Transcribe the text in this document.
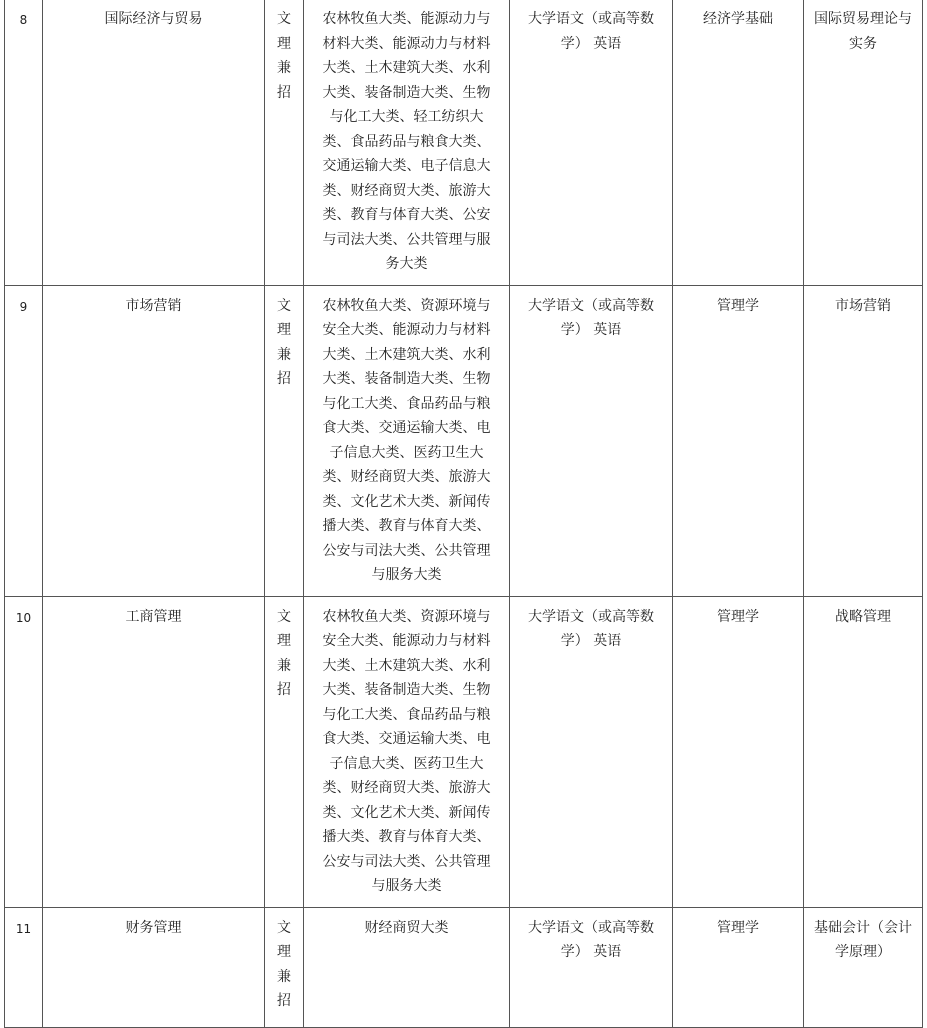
8	国际经济与贸易	文理兼招	农林牧鱼大类、能源动力与材料大类、能源动力与材料大类、土木建筑大类、水利大类、装备制造大类、生物与化工大类、轻工纺织大类、食品药品与粮食大类、交通运输大类、电子信息大类、财经商贸大类、旅游大类、教育与体育大类、公安与司法大类、公共管理与服务大类	大学语文（或高等数学） 英语	经济学基础	国际贸易理论与实务
9	市场营销	文理兼招	农林牧鱼大类、资源环境与安全大类、能源动力与材料大类、土木建筑大类、水利大类、装备制造大类、生物与化工大类、食品药品与粮食大类、交通运输大类、电子信息大类、医药卫生大类、财经商贸大类、旅游大类、文化艺术大类、新闻传播大类、教育与体育大类、公安与司法大类、公共管理与服务大类	大学语文（或高等数学） 英语	管理学	市场营销
10	工商管理	文理兼招	农林牧鱼大类、资源环境与安全大类、能源动力与材料大类、土木建筑大类、水利大类、装备制造大类、生物与化工大类、食品药品与粮食大类、交通运输大类、电子信息大类、医药卫生大类、财经商贸大类、旅游大类、文化艺术大类、新闻传播大类、教育与体育大类、公安与司法大类、公共管理与服务大类	大学语文（或高等数学） 英语	管理学	战略管理
11	财务管理	文理兼招	财经商贸大类	大学语文（或高等数学） 英语	管理学	基础会计（会计学原理）
